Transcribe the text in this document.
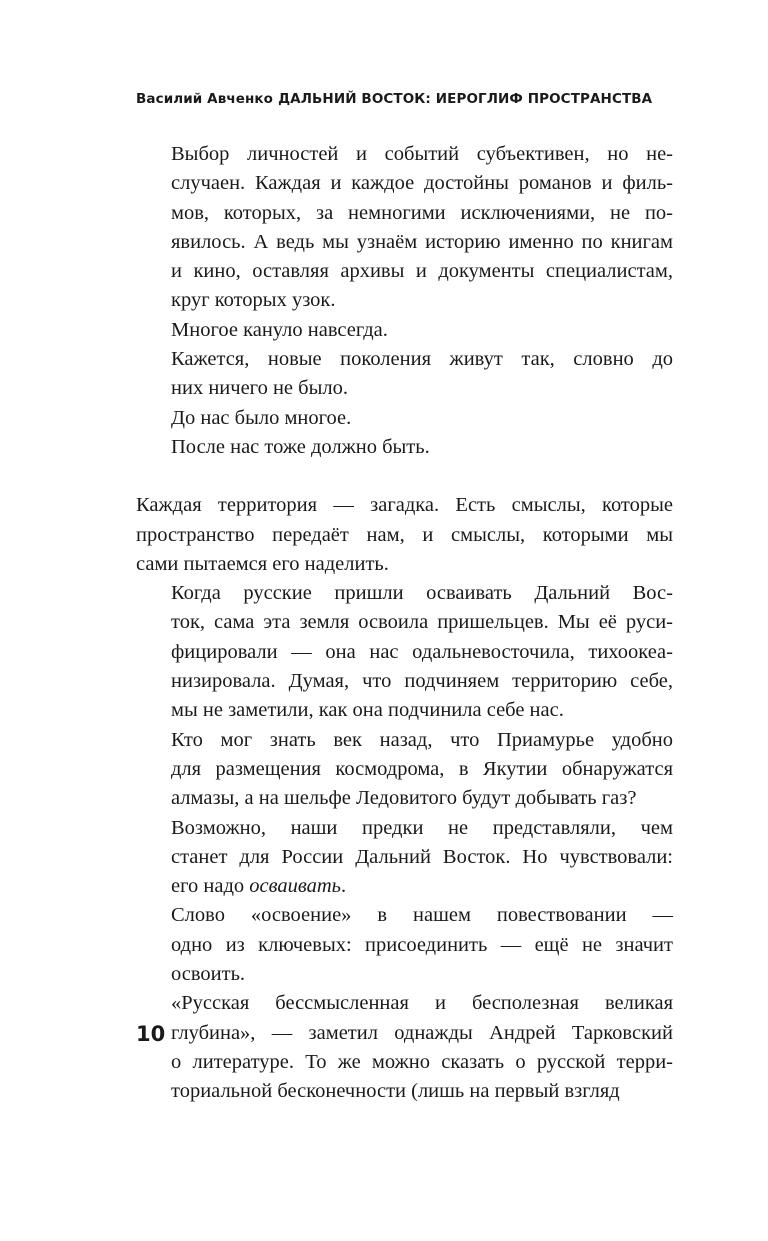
Василий Авченко ДАЛЬНИЙ ВОСТОК: ИЕРОГЛИФ ПРОСТРАНСТВА

Выбор личностей и событий субъективен, но не-
случаен. Каждая и каждое достойны романов и филь-
мов, которых, за немногими исключениями, не по-
явилось. А ведь мы узнаём историю именно по книгам
и кино, оставляя архивы и документы специалистам,
круг которых узок.

Многое кануло навсегда.

Кажется, новые поколения живут так, словно до
них ничего не было.

До нас было многое.

После нас тоже должно быть.

Каждая территория — загадка. Есть смыслы, которые
пространство передаёт нам, и смыслы, которыми мы
сами пытаемся его наделить.

Когда русские пришли осваивать Дальний Вос-
ток, сама эта земля освоила пришельцев. Мы её руси-
фицировали — она нас одальневосточила, тихоокеа-
низировала. Думая, что подчиняем территорию себе,
мы не заметили, как она подчинила себе нас.

Кто мог знать век назад, что Приамурье удобно
для размещения космодрома, в Якутии обнаружатся
алмазы, а на шельфе Ледовитого будут добывать газ?

Возможно, наши предки не представляли, чем
станет для России Дальний Восток. Но чувствовали:
его надо осваивать.

Слово «освоение» в нашем повествовании —
одно из ключевых: присоединить — ещё не значит
освоить.

«Русская бессмысленная и бесполезная великая
глубина», — заметил однажды Андрей Тарковский
о литературе. То же можно сказать о русской терри-
ториальной бесконечности (лишь на первый взгляд

10
